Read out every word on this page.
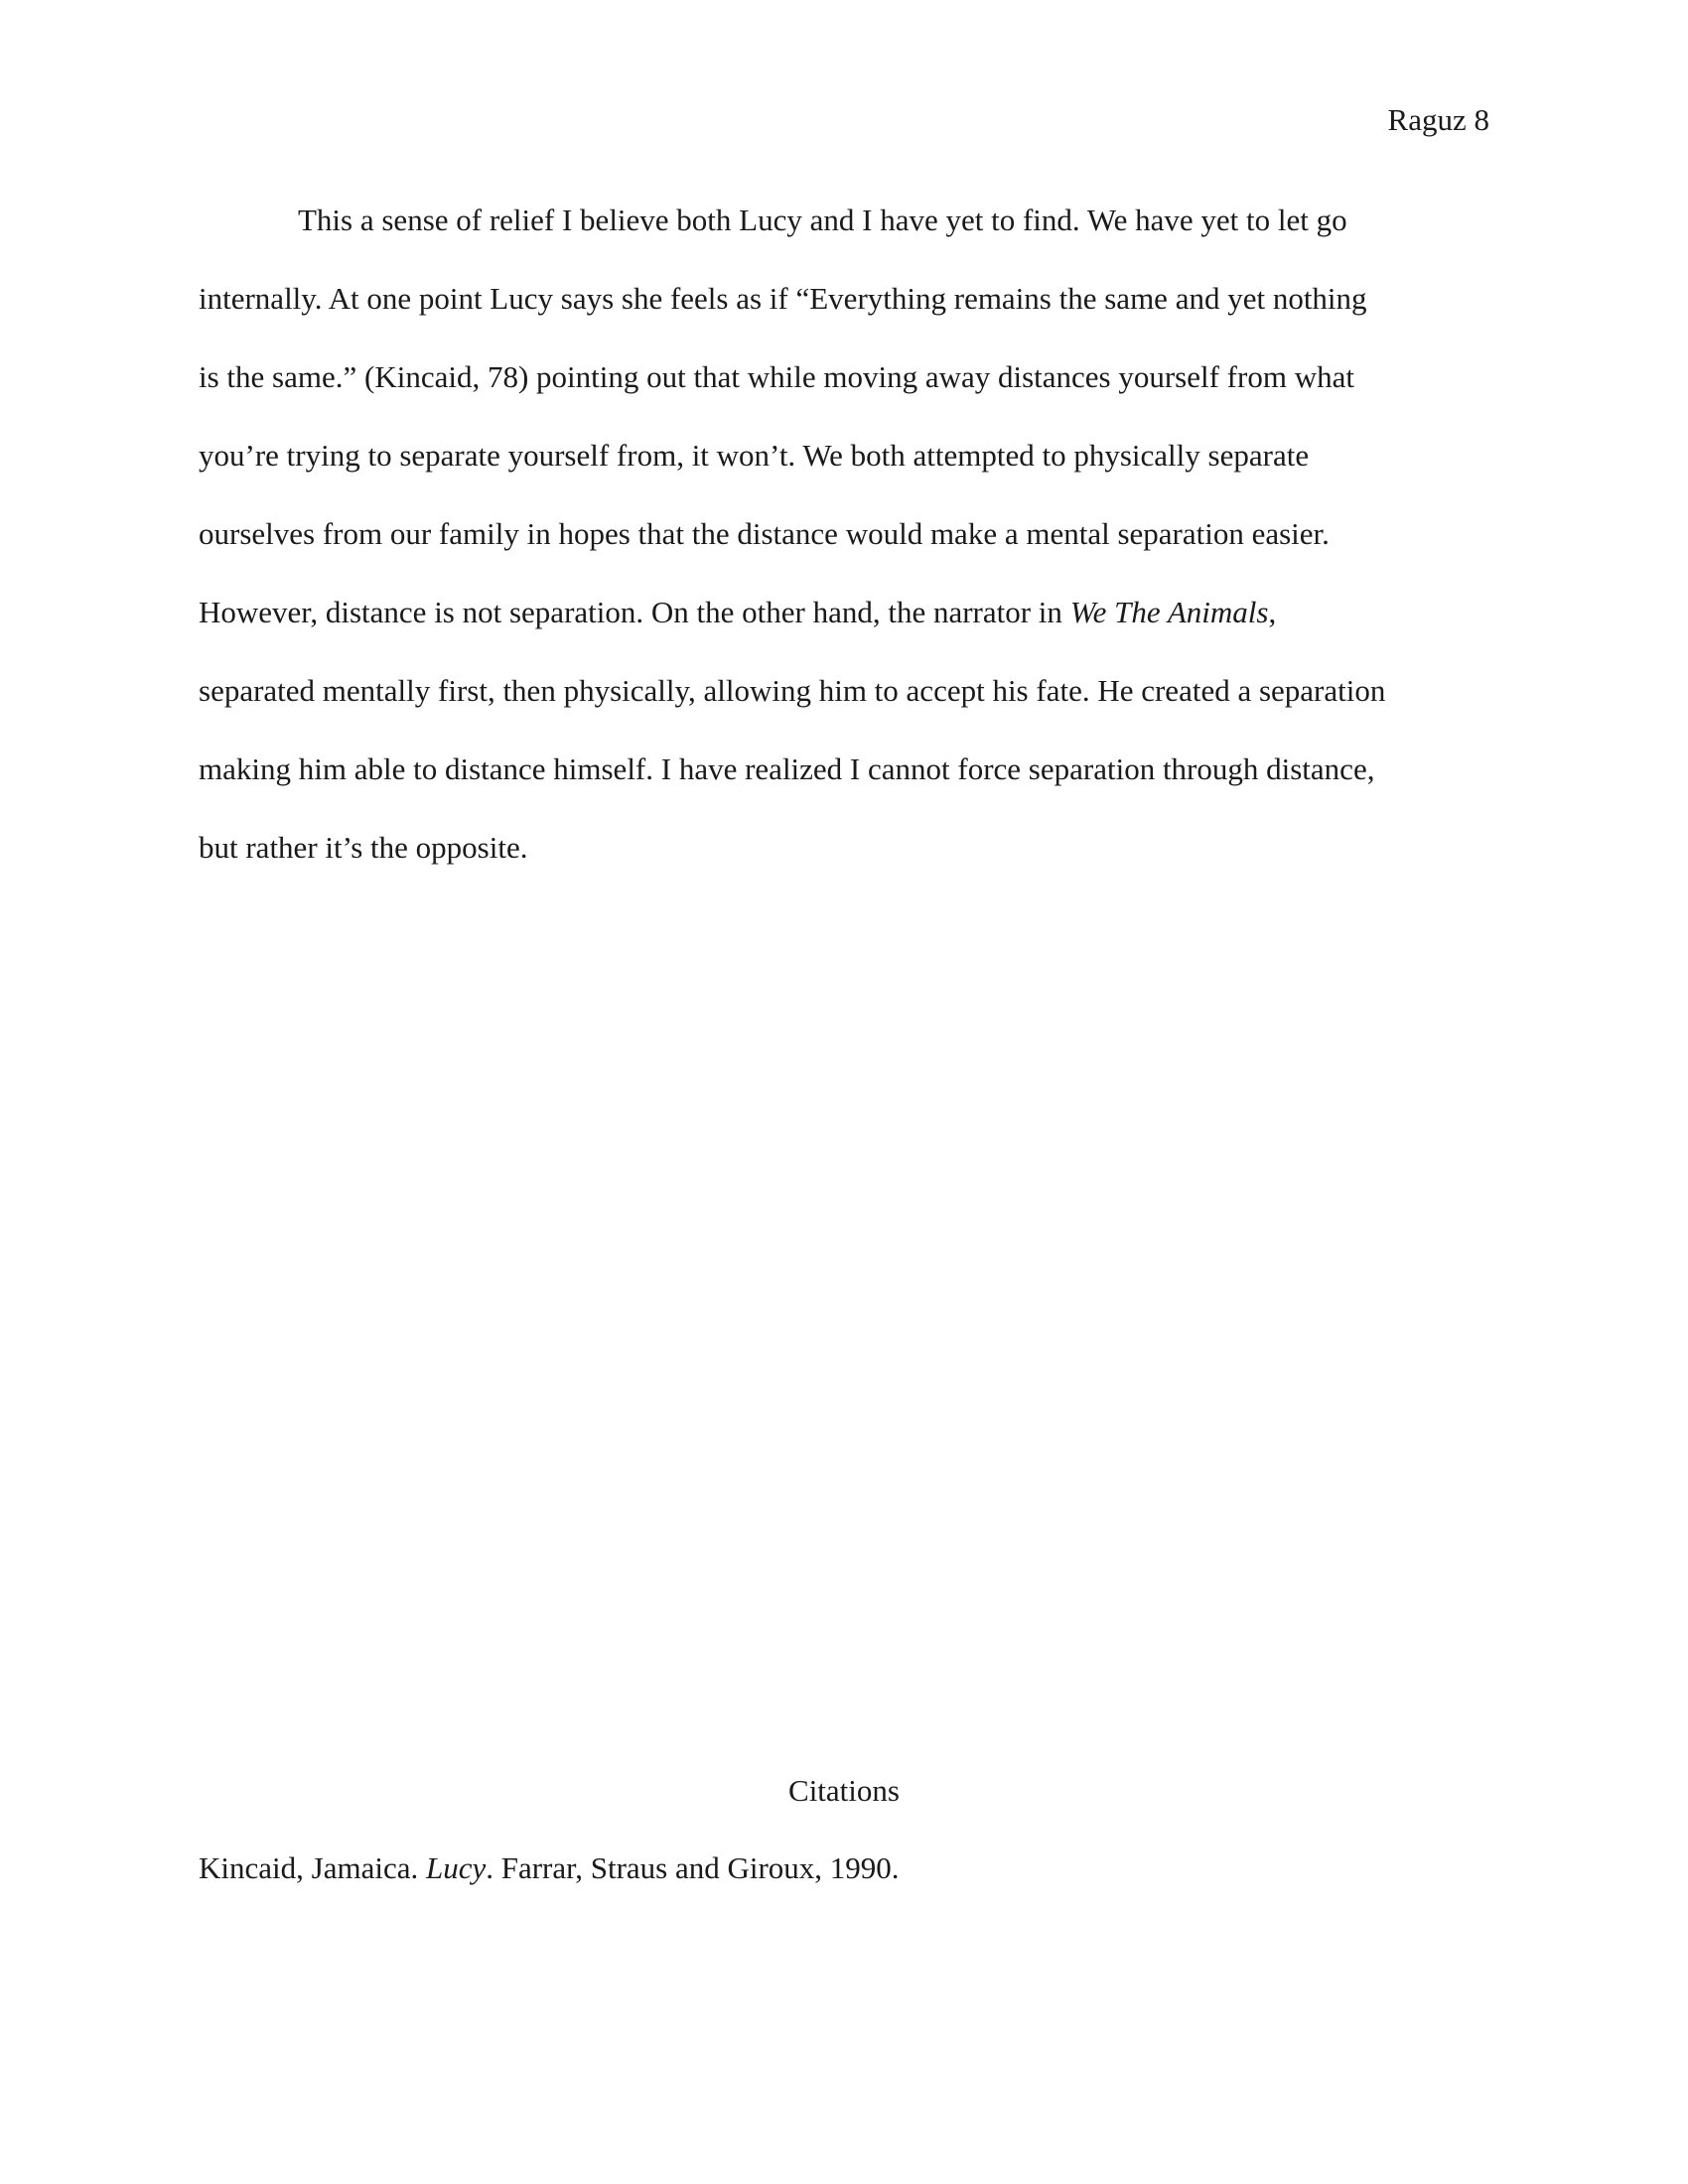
Raguz 8
This a sense of relief I believe both Lucy and I have yet to find. We have yet to let go
internally. At one point Lucy says she feels as if “Everything remains the same and yet nothing
is the same.” (Kincaid, 78) pointing out that while moving away distances yourself from what
you’re trying to separate yourself from, it won’t. We both attempted to physically separate
ourselves from our family in hopes that the distance would make a mental separation easier.
However, distance is not separation. On the other hand, the narrator in We The Animals,
separated mentally first, then physically, allowing him to accept his fate. He created a separation
making him able to distance himself. I have realized I cannot force separation through distance,
but rather it’s the opposite.
Citations
Kincaid, Jamaica. Lucy. Farrar, Straus and Giroux, 1990.
